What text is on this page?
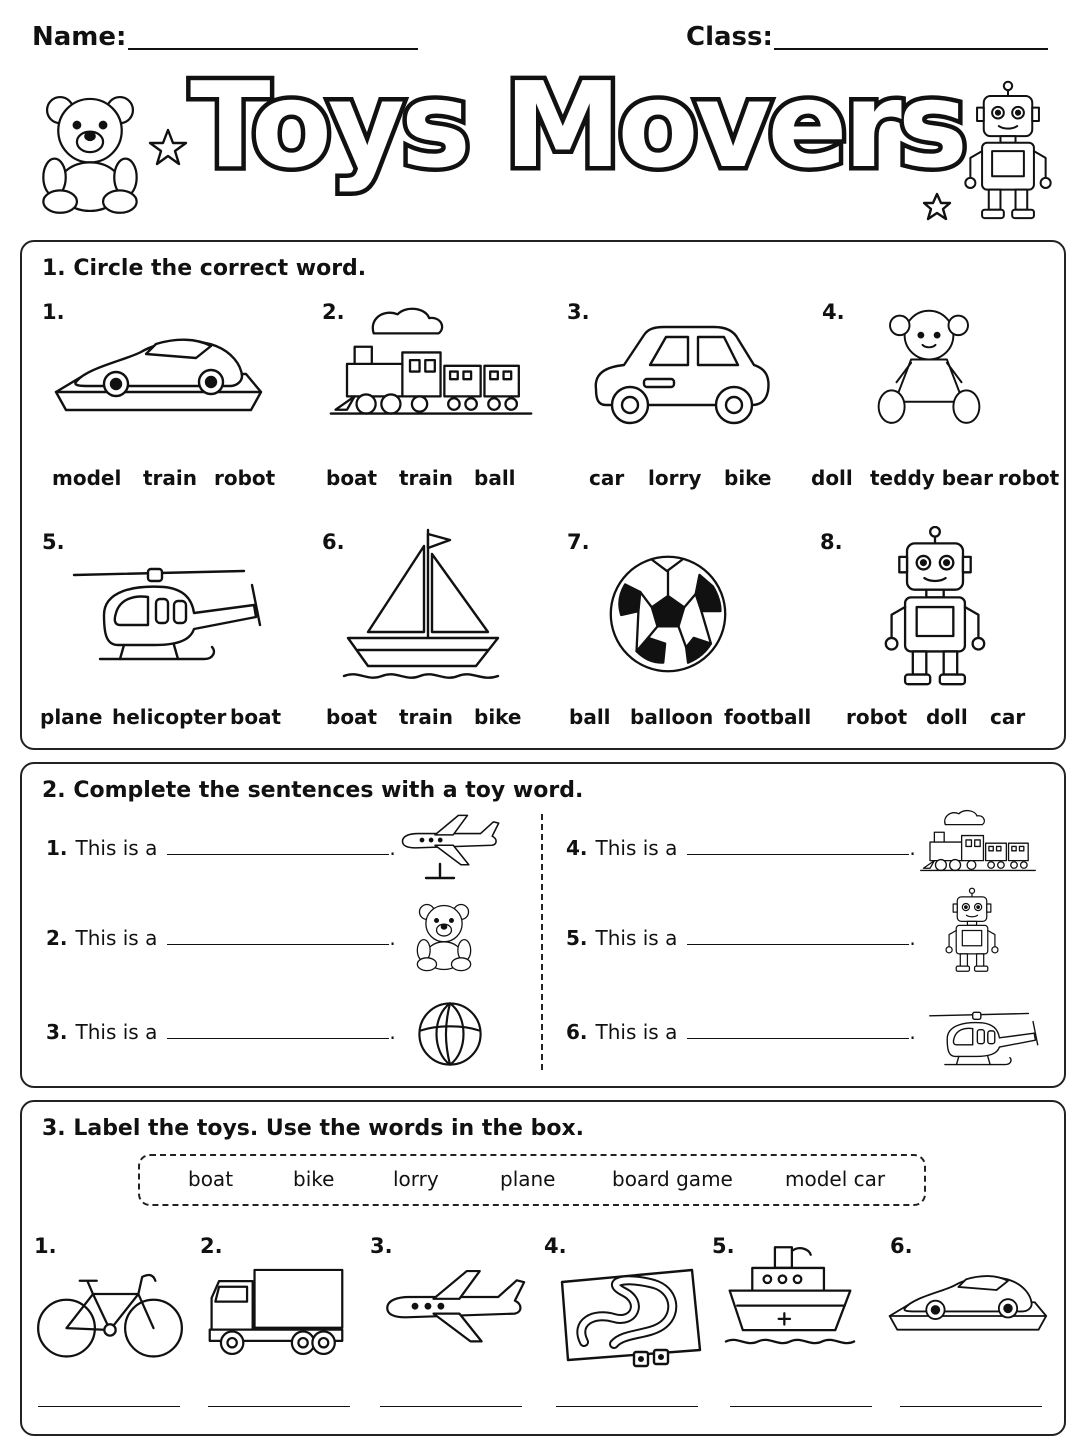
Name:	Class:
Toys Movers
1. Circle the correct word.
1.
model train robot
2.
boat train ball
3.
car lorry bike
4.
doll teddy bear robot
5.
plane helicopter boat
6.
boat train bike
7.
ball balloon football
8.
robot doll car
2. Complete the sentences with a toy word.
1. This is a	.
2. This is a	.
3. This is a	.
4. This is a	.
5. This is a	.
6. This is a	.
3. Label the toys. Use the words in the box.
boat	bike	lorry	plane	board game	model car
1.	2.	3.	4.	5.	6.
